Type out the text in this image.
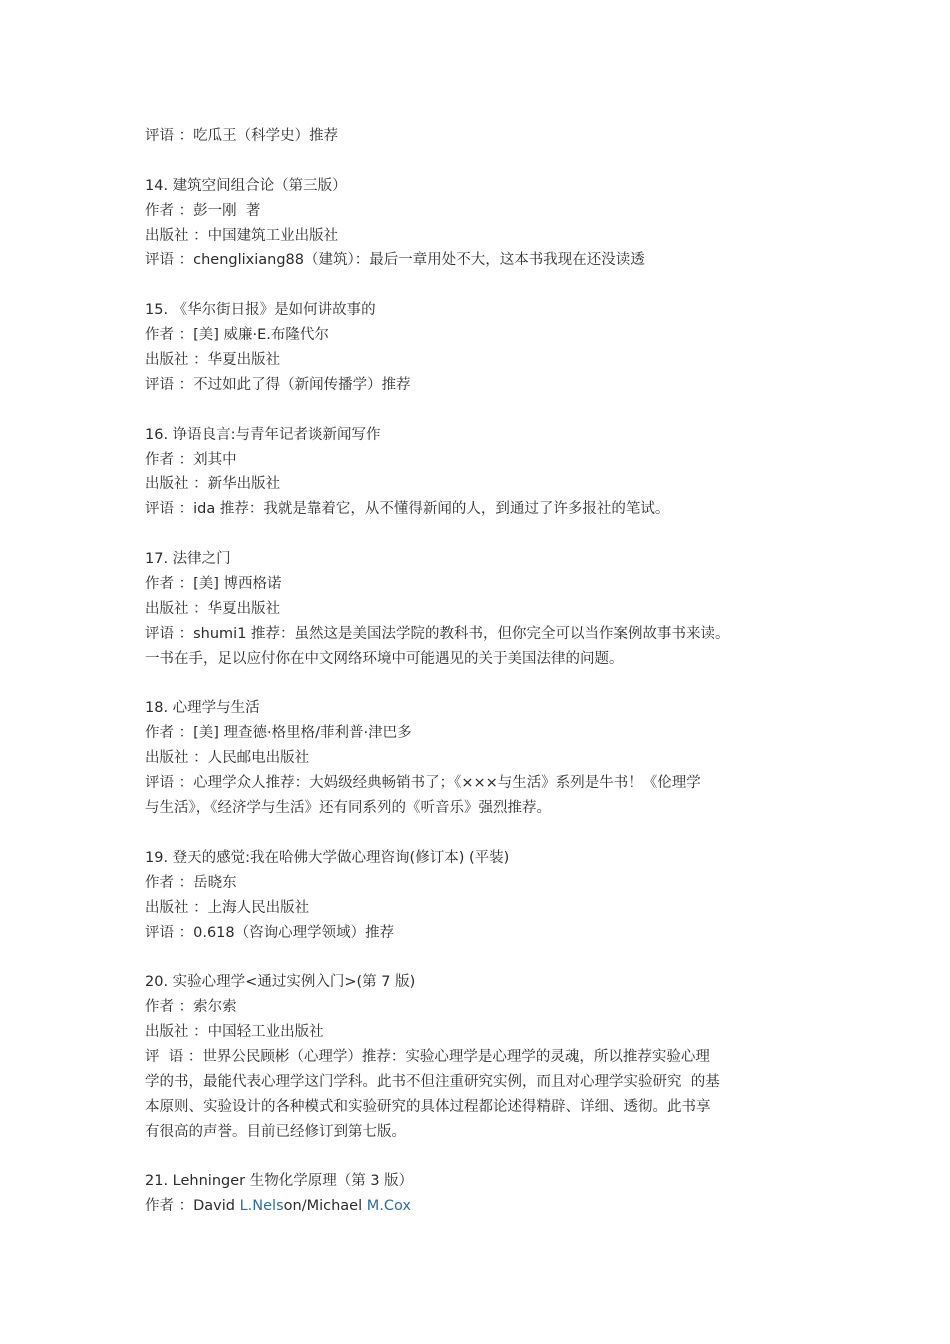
评语 ：吃瓜王（科学史）推荐
14. 建筑空间组合论（第三版）
作者 ：彭一刚  著
出版社 ：中国建筑工业出版社
评语 ：chenglixiang88（建筑）：最后一章用处不大，这本书我现在还没读透
15. 《华尔街日报》是如何讲故事的
作者 ：[美] 威廉·E.布隆代尔
出版社 ：华夏出版社
评语 ：不过如此了得（新闻传播学）推荐
16. 诤语良言:与青年记者谈新闻写作
作者 ：刘其中
出版社 ：新华出版社
评语 ：ida 推荐：我就是靠着它，从不懂得新闻的人，到通过了许多报社的笔试。
17. 法律之门
作者 ：[美] 博西格诺
出版社 ：华夏出版社
评语 ：shumi1 推荐：虽然这是美国法学院的教科书，但你完全可以当作案例故事书来读。
一书在手，足以应付你在中文网络环境中可能遇见的关于美国法律的问题。
18. 心理学与生活
作者 ：[美] 理查德·格里格/菲利普·津巴多
出版社 ：人民邮电出版社
评语 ：心理学众人推荐：大妈级经典畅销书了；《×××与生活》系列是牛书！《伦理学
与生活》，《经济学与生活》还有同系列的《听音乐》强烈推荐。
19. 登天的感觉:我在哈佛大学做心理咨询(修订本) (平装)
作者 ：岳晓东
出版社 ：上海人民出版社
评语 ：0.618（咨询心理学领域）推荐
20. 实验心理学<通过实例入门>(第 7 版)
作者 ：索尔索
出版社 ：中国轻工业出版社
评  语 ：世界公民顾彬（心理学）推荐：实验心理学是心理学的灵魂，所以推荐实验心理
学的书，最能代表心理学这门学科。此书不但注重研究实例，而且对心理学实验研究  的基
本原则、实验设计的各种模式和实验研究的具体过程都论述得精辟、详细、透彻。此书享
有很高的声誉。目前已经修订到第七版。
21. Lehninger 生物化学原理（第 3 版）
作者 ：David L.Nelson/Michael M.Cox
